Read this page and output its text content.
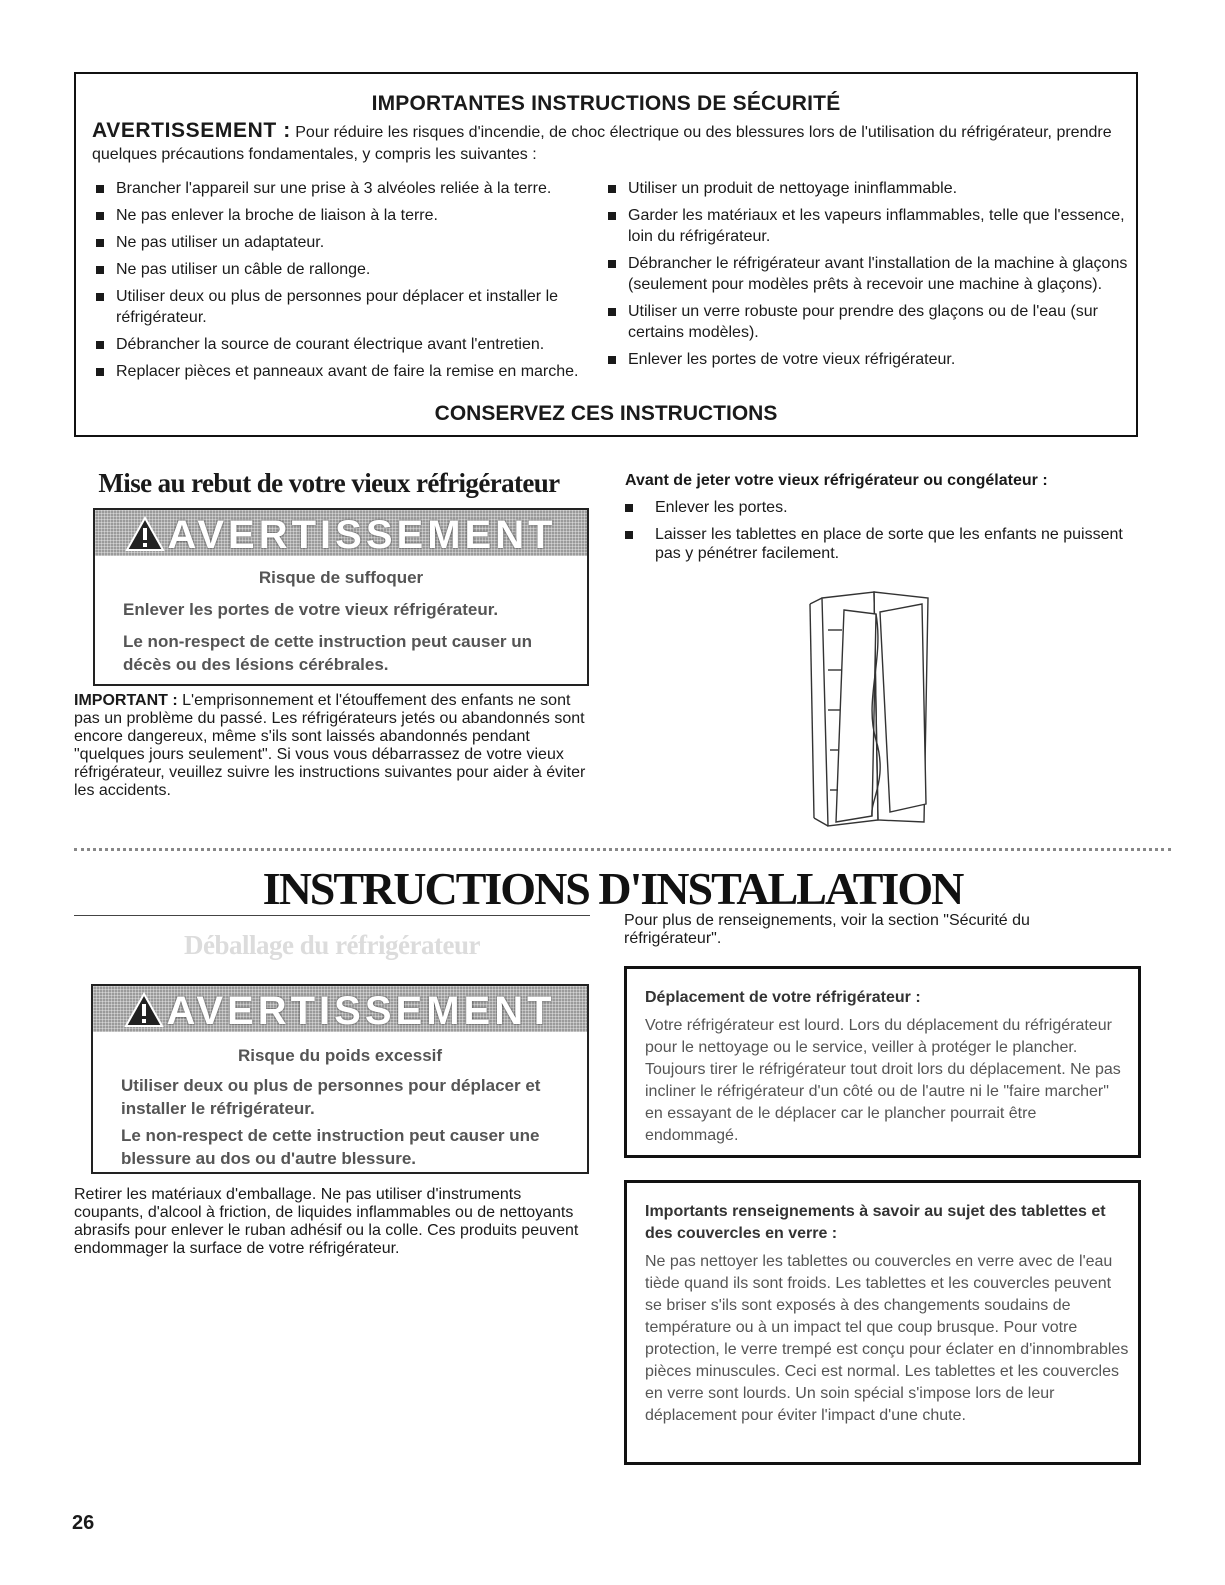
IMPORTANTES INSTRUCTIONS DE SÉCURITÉ
AVERTISSEMENT : Pour réduire les risques d'incendie, de choc électrique ou des blessures lors de l'utilisation du réfrigérateur, prendre quelques précautions fondamentales, y compris les suivantes :
Brancher l'appareil sur une prise à 3 alvéoles reliée à la terre.
Ne pas enlever la broche de liaison à la terre.
Ne pas utiliser un adaptateur.
Ne pas utiliser un câble de rallonge.
Utiliser deux ou plus de personnes pour déplacer et installer le réfrigérateur.
Débrancher la source de courant électrique avant l'entretien.
Replacer pièces et panneaux avant de faire la remise en marche.
Utiliser un produit de nettoyage ininflammable.
Garder les matériaux et les vapeurs inflammables, telle que l'essence, loin du réfrigérateur.
Débrancher le réfrigérateur avant l'installation de la machine à glaçons (seulement pour modèles prêts à recevoir une machine à glaçons).
Utiliser un verre robuste pour prendre des glaçons ou de l'eau (sur certains modèles).
Enlever les portes de votre vieux réfrigérateur.
CONSERVEZ CES INSTRUCTIONS
Mise au rebut de votre vieux réfrigérateur
AVERTISSEMENT
Risque de suffoquer
Enlever les portes de votre vieux réfrigérateur.
Le non-respect de cette instruction peut causer un décès ou des lésions cérébrales.
IMPORTANT : L'emprisonnement et l'étouffement des enfants ne sont pas un problème du passé. Les réfrigérateurs jetés ou abandonnés sont encore dangereux, même s'ils sont laissés abandonnés pendant "quelques jours seulement". Si vous vous débarrassez de votre vieux réfrigérateur, veuillez suivre les instructions suivantes pour aider à éviter les accidents.
Avant de jeter votre vieux réfrigérateur ou congélateur :
Enlever les portes.
Laisser les tablettes en place de sorte que les enfants ne puissent pas y pénétrer facilement.
INSTRUCTIONS D'INSTALLATION
Déballage du réfrigérateur
Pour plus de renseignements, voir la section "Sécurité du réfrigérateur".
AVERTISSEMENT
Risque du poids excessif
Utiliser deux ou plus de personnes pour déplacer et installer le réfrigérateur.
Le non-respect de cette instruction peut causer une blessure au dos ou d'autre blessure.
Retirer les matériaux d'emballage. Ne pas utiliser d'instruments coupants, d'alcool à friction, de liquides inflammables ou de nettoyants abrasifs pour enlever le ruban adhésif ou la colle. Ces produits peuvent endommager la surface de votre réfrigérateur.
Déplacement de votre réfrigérateur :
Votre réfrigérateur est lourd. Lors du déplacement du réfrigérateur pour le nettoyage ou le service, veiller à protéger le plancher. Toujours tirer le réfrigérateur tout droit lors du déplacement. Ne pas incliner le réfrigérateur d'un côté ou de l'autre ni le "faire marcher" en essayant de le déplacer car le plancher pourrait être endommagé.
Importants renseignements à savoir au sujet des tablettes et des couvercles en verre :
Ne pas nettoyer les tablettes ou couvercles en verre avec de l'eau tiède quand ils sont froids. Les tablettes et les couvercles peuvent se briser s'ils sont exposés à des changements soudains de température ou à un impact tel que coup brusque. Pour votre protection, le verre trempé est conçu pour éclater en d'innombrables pièces minuscules. Ceci est normal. Les tablettes et les couvercles en verre sont lourds. Un soin spécial s'impose lors de leur déplacement pour éviter l'impact d'une chute.
26
